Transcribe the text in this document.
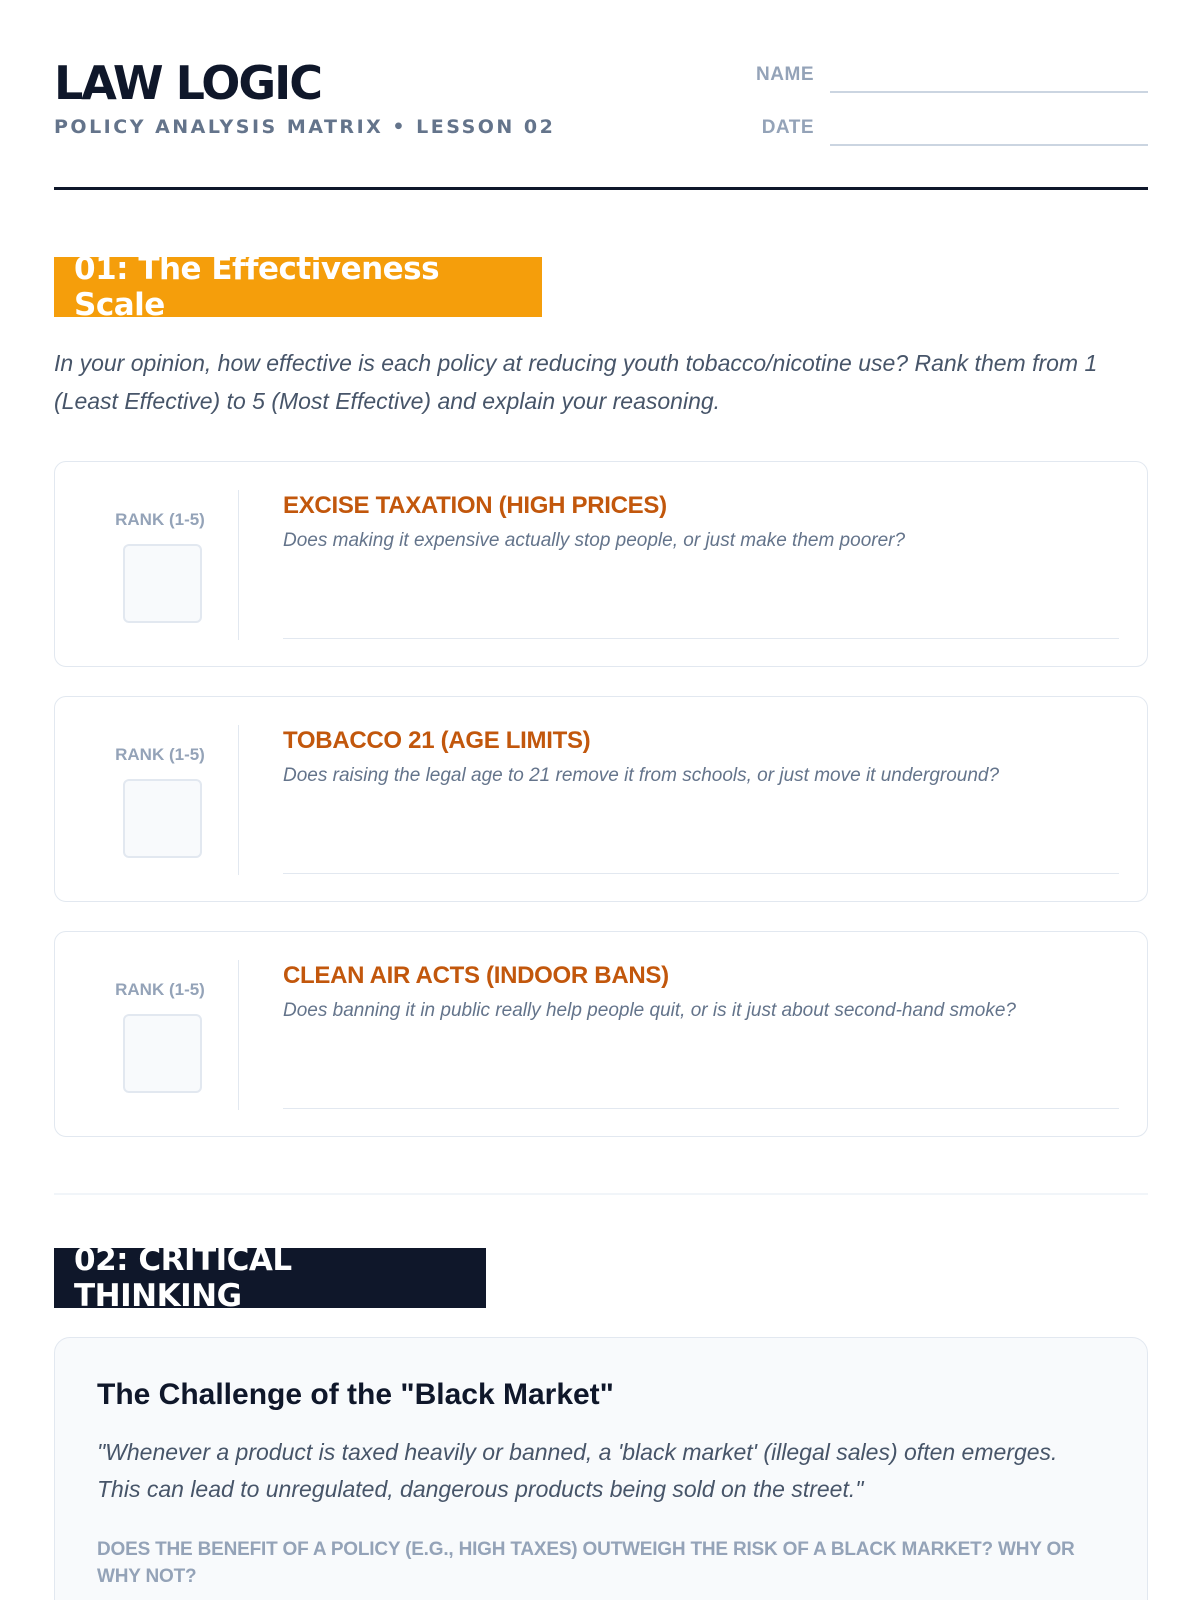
LAW LOGIC
POLICY ANALYSIS MATRIX • LESSON 02
NAME
DATE
01: The Effectiveness Scale
In your opinion, how effective is each policy at reducing youth tobacco/nicotine use? Rank them from 1 (Least Effective) to 5 (Most Effective) and explain your reasoning.
RANK (1-5)
EXCISE TAXATION (HIGH PRICES)
Does making it expensive actually stop people, or just make them poorer?
RANK (1-5)
TOBACCO 21 (AGE LIMITS)
Does raising the legal age to 21 remove it from schools, or just move it underground?
RANK (1-5)
CLEAN AIR ACTS (INDOOR BANS)
Does banning it in public really help people quit, or is it just about second-hand smoke?
02: CRITICAL THINKING
The Challenge of the "Black Market"
"Whenever a product is taxed heavily or banned, a 'black market' (illegal sales) often emerges. This can lead to unregulated, dangerous products being sold on the street."
DOES THE BENEFIT OF A POLICY (E.G., HIGH TAXES) OUTWEIGH THE RISK OF A BLACK MARKET? WHY OR WHY NOT?
